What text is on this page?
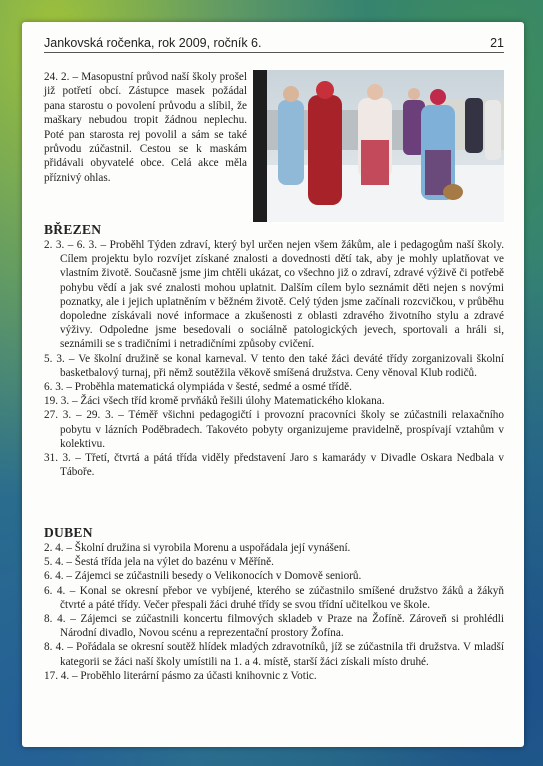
Jankovská ročenka, rok 2009, ročník 6.	21

24. 2. – Masopustní průvod naší školy prošel již potřetí obcí. Zástupce masek požádal pana starostu o povolení průvodu a slíbil, že maškary nebudou tropit žádnou neplechu. Poté pan starosta rej povolil a sám se také průvodu zúčastnil. Cestou se k maskám přidávali obyvatelé obce. Celá akce měla příznivý ohlas.

BŘEZEN
2. 3. – 6. 3. – Proběhl Týden zdraví, který byl určen nejen všem žákům, ale i pedagogům naší školy. Cílem projektu bylo rozvíjet získané znalosti a dovednosti dětí tak, aby je mohly uplatňovat ve vlastním životě. Současně jsme jim chtěli ukázat, co všechno již o zdraví, zdravé výživě či potřebě pohybu vědí a jak své znalosti mohou uplatnit. Dalším cílem bylo seznámit děti nejen s novými poznatky, ale i jejich uplatněním v běžném životě. Celý týden jsme začínali rozcvičkou, v průběhu dopoledne získávali nové informace a zkušenosti z oblasti zdravého životního stylu a zdravé výživy. Odpoledne jsme besedovali o sociálně patologických jevech, sportovali a hráli si, seznámili se s tradičními i netradičními způsoby cvičení.
5. 3. – Ve školní družině se konal karneval. V tento den také žáci deváté třídy zorganizovali školní basketbalový turnaj, při němž soutěžila věkově smíšená družstva. Ceny věnoval Klub rodičů.
6. 3. – Proběhla matematická olympiáda v šesté, sedmé a osmé třídě.
19. 3. – Žáci všech tříd kromě prvňáků řešili úlohy Matematického klokana.
27. 3. – 29. 3. – Téměř všichni pedagogičtí i provozní pracovníci školy se zúčastnili relaxačního pobytu v lázních Poděbradech. Takovéto pobyty organizujeme pravidelně, prospívají vztahům v kolektivu.
31. 3. – Třetí, čtvrtá a pátá třída viděly představení Jaro s kamarády v Divadle Oskara Nedbala v Táboře.
DUBEN
2. 4. – Školní družina si vyrobila Morenu a uspořádala její vynášení.
5. 4. – Šestá třída jela na výlet do bazénu v Měříně.
6. 4. – Zájemci se zúčastnili besedy o Velikonocích v Domově seniorů.
6. 4. – Konal se okresní přebor ve vybíjené, kterého se zúčastnilo smíšené družstvo žáků a žákyň čtvrté a páté třídy. Večer přespali žáci druhé třídy se svou třídní učitelkou ve škole.
8. 4. – Zájemci se zúčastnili koncertu filmových skladeb v Praze na Žofíně. Zároveň si prohlédli Národní divadlo, Novou scénu a reprezentační prostory Žofína.
8. 4. – Pořádala se okresní soutěž hlídek mladých zdravotníků, jíž se zúčastnila tři družstva. V mladší kategorii se žáci naší školy umístili na 1. a 4. místě, starší žáci získali místo druhé.
17. 4. – Proběhlo literární pásmo za účasti knihovnic z Votic.
